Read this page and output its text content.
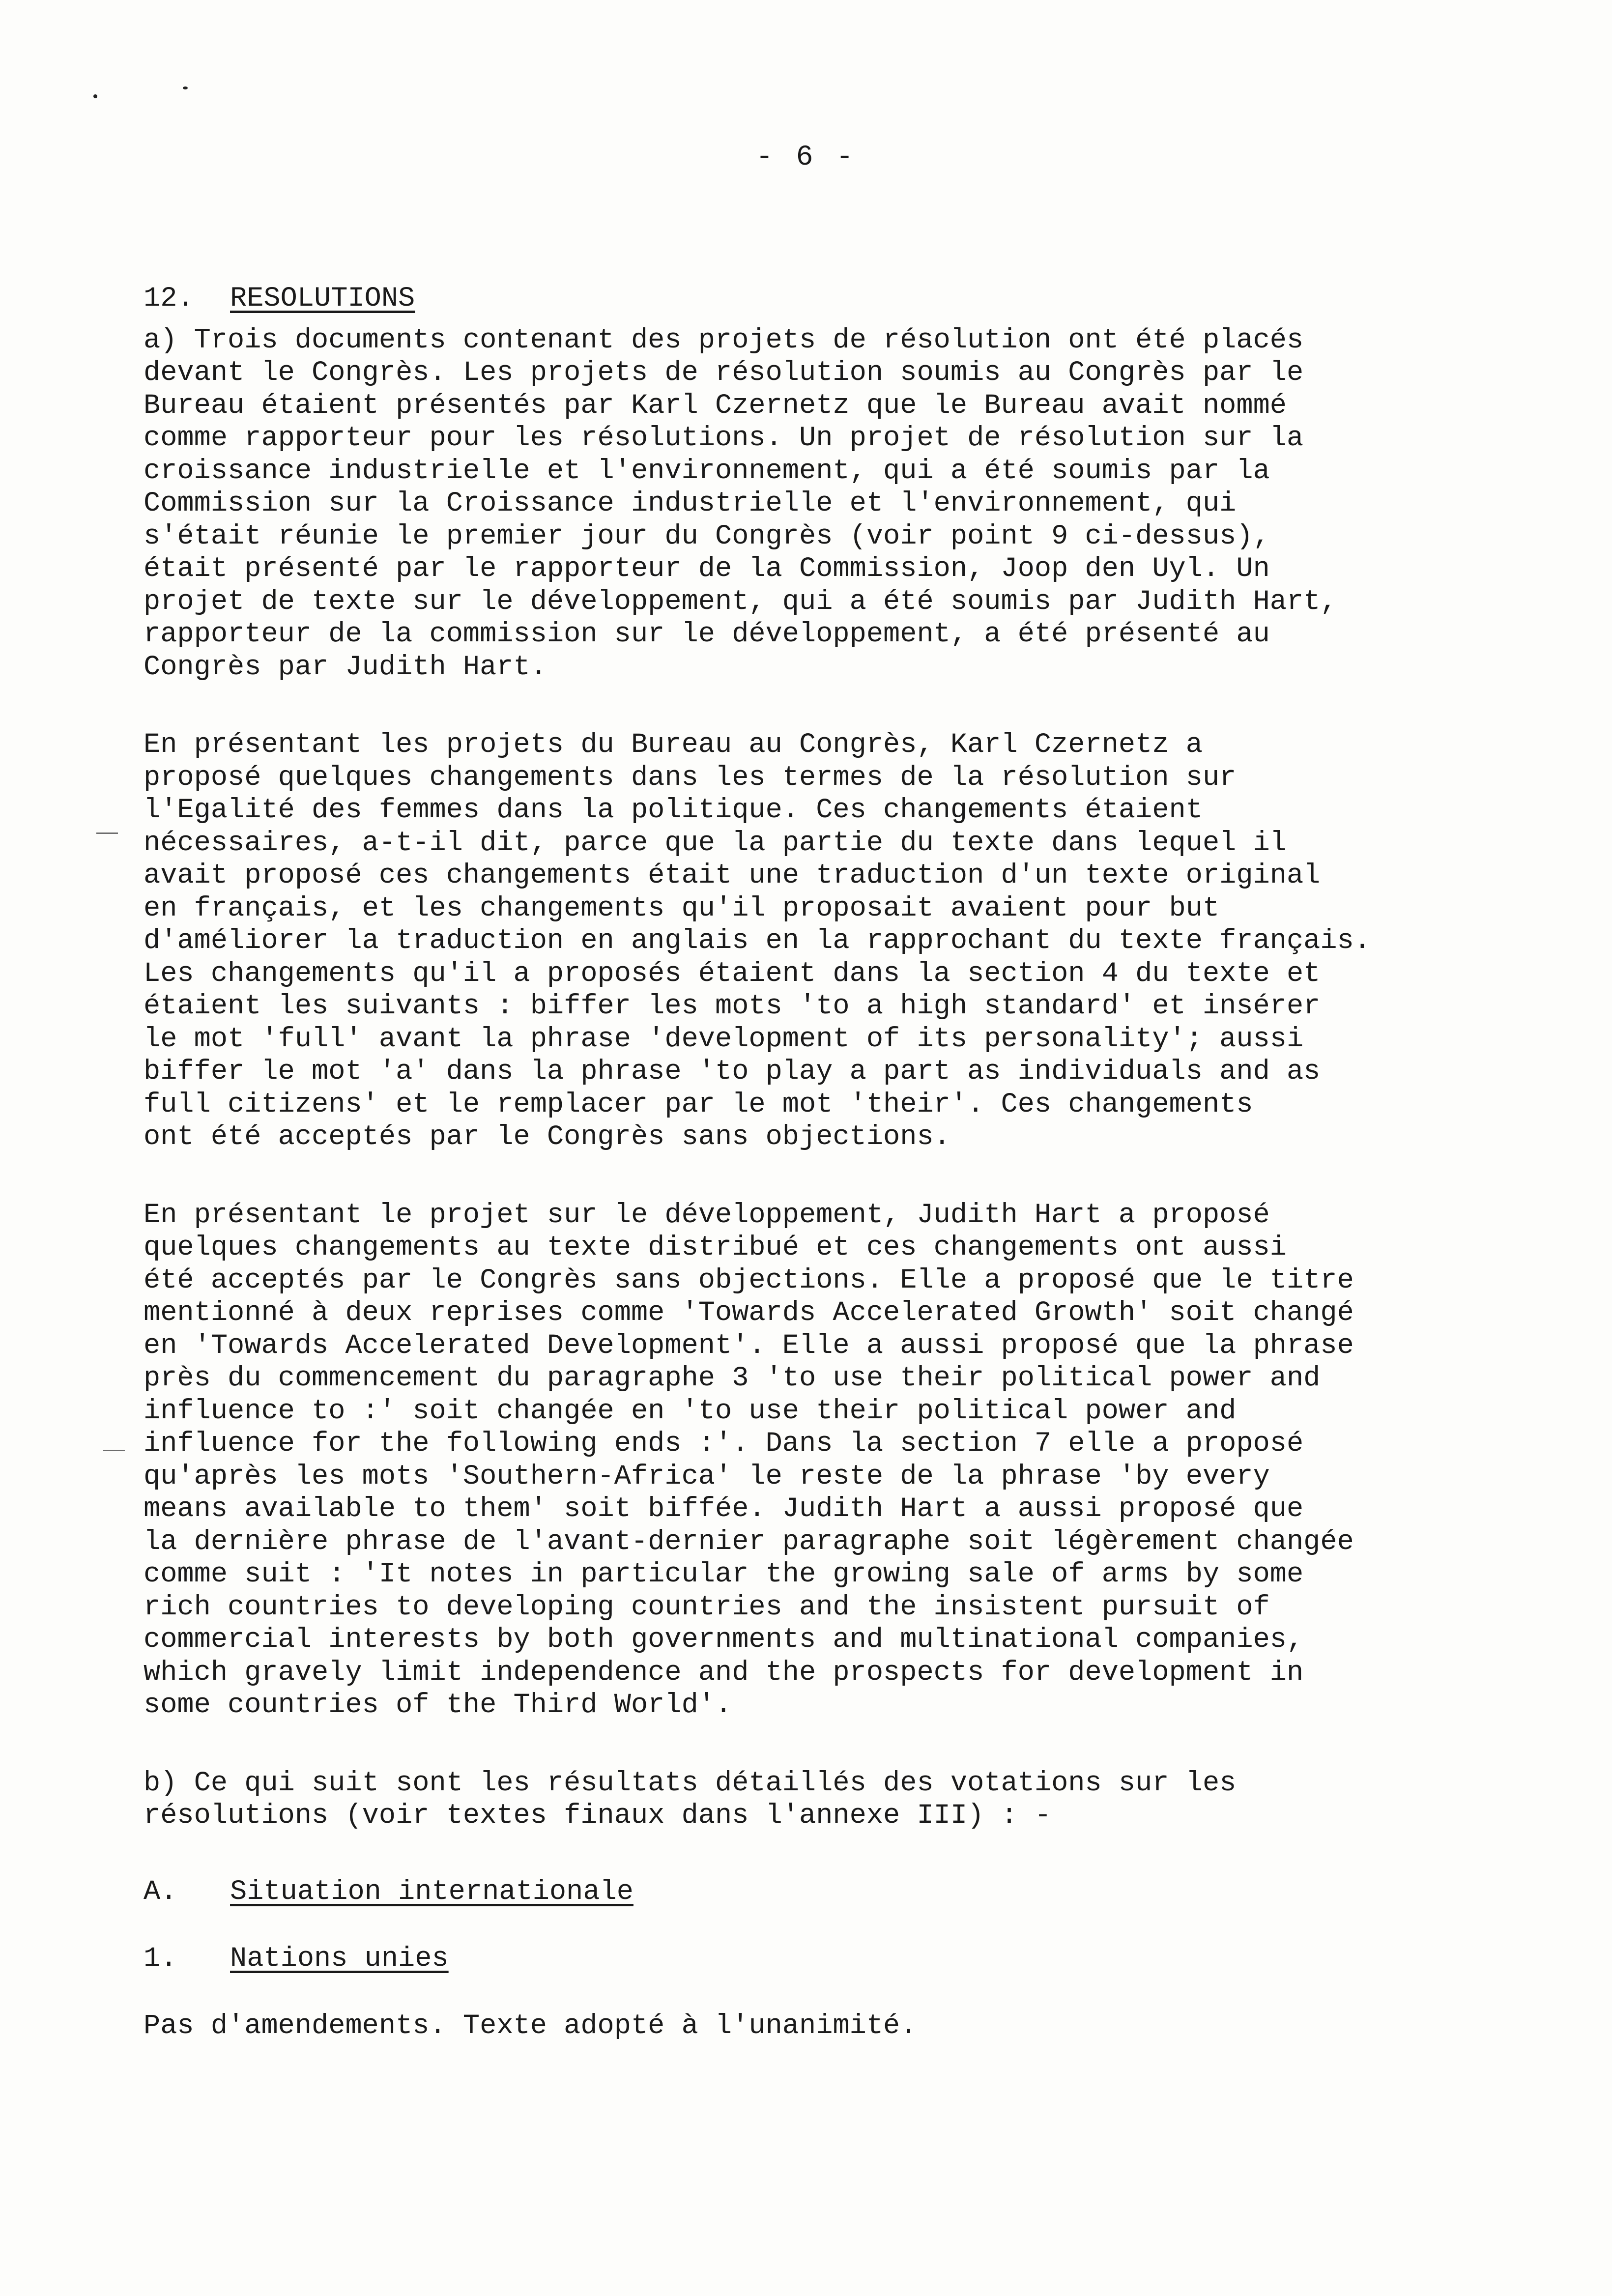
- 6 -
12. RESOLUTIONS

a) Trois documents contenant des projets de résolution ont été placés
devant le Congrès. Les projets de résolution soumis au Congrès par le
Bureau étaient présentés par Karl Czernetz que le Bureau avait nommé
comme rapporteur pour les résolutions. Un projet de résolution sur la
croissance industrielle et l'environnement, qui a été soumis par la
Commission sur la Croissance industrielle et l'environnement, qui
s'était réunie le premier jour du Congrès (voir point 9 ci-dessus),
était présenté par le rapporteur de la Commission, Joop den Uyl. Un
projet de texte sur le développement, qui a été soumis par Judith Hart,
rapporteur de la commission sur le développement, a été présenté au
Congrès par Judith Hart.

En présentant les projets du Bureau au Congrès, Karl Czernetz a
proposé quelques changements dans les termes de la résolution sur
l'Egalité des femmes dans la politique. Ces changements étaient
nécessaires, a-t-il dit, parce que la partie du texte dans lequel il
avait proposé ces changements était une traduction d'un texte original
en français, et les changements qu'il proposait avaient pour but
d'améliorer la traduction en anglais en la rapprochant du texte français.
Les changements qu'il a proposés étaient dans la section 4 du texte et
étaient les suivants : biffer les mots 'to a high standard' et insérer
le mot 'full' avant la phrase 'development of its personality'; aussi
biffer le mot 'a' dans la phrase 'to play a part as individuals and as
full citizens' et le remplacer par le mot 'their'. Ces changements
ont été acceptés par le Congrès sans objections.

En présentant le projet sur le développement, Judith Hart a proposé
quelques changements au texte distribué et ces changements ont aussi
été acceptés par le Congrès sans objections. Elle a proposé que le titre
mentionné à deux reprises comme 'Towards Accelerated Growth' soit changé
en 'Towards Accelerated Development'. Elle a aussi proposé que la phrase
près du commencement du paragraphe 3 'to use their political power and
influence to :' soit changée en 'to use their political power and
influence for the following ends :'. Dans la section 7 elle a proposé
qu'après les mots 'Southern-Africa' le reste de la phrase 'by every
means available to them' soit biffée. Judith Hart a aussi proposé que
la dernière phrase de l'avant-dernier paragraphe soit légèrement changée
comme suit : 'It notes in particular the growing sale of arms by some
rich countries to developing countries and the insistent pursuit of
commercial interests by both governments and multinational companies,
which gravely limit independence and the prospects for development in
some countries of the Third World'.

b) Ce qui suit sont les résultats détaillés des votations sur les
résolutions (voir textes finaux dans l'annexe III) : -

A. Situation internationale
1. Nations unies

Pas d'amendements. Texte adopté à l'unanimité.
